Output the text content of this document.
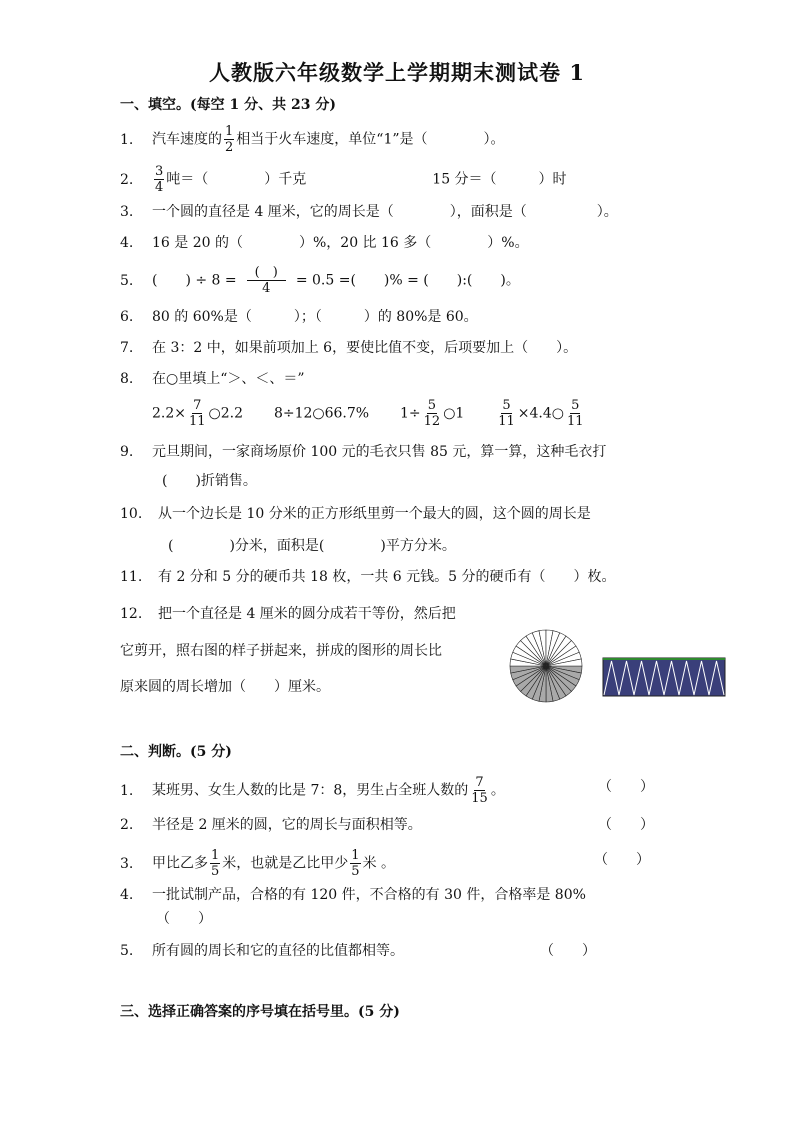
人教版六年级数学上学期期末测试卷 1
一、填空。(每空 1 分、共 23 分)
1. 汽车速度的 $\frac{1}{2}$ 相当于火车速度，单位“1”是（　　　　）。
2. $\frac{3}{4}$ 吨＝（　　　　）千克	15 分＝（　　　）时
3. 一个圆的直径是 4 厘米，它的周长是（　　　　），面积是（　　　　　）。
4. 16 是 20 的（　　　　）%，20 比 16 多（　　　　）%。
5. (　　) ÷ $8 = \frac{( )}{4} = 0.5$ =(　　)% = (　　):(　　)。
6. 80 的 60%是（　　　）；（　　　）的 80%是 60。
7. 在 3：2 中，如果前项加上 6，要使比值不变，后项要加上（　　）。
8. 在○里填上“＞、＜、＝”
$2.2\times \frac{7}{11}$ ○2.2 8÷12○66.7% $1\div \frac{5}{12}$ ○1	$\frac{5}{11}$ ×4.4○ $\frac{5}{11}$
9. 元旦期间，一家商场原价 100 元的毛衣只售 85 元，算一算，这种毛衣打
(　　)折销售。
10. 从一个边长是 10 分米的正方形纸里剪一个最大的圆，这个圆的周长是
(　　　　)分米，面积是(　　　　)平方分米。
11. 有 2 分和 5 分的硬币共 18 枚，一共 6 元钱。5 分的硬币有（　　）枚。
12. 把一个直径是 4 厘米的圆分成若干等份，然后把
它剪开，照右图的样子拼起来，拼成的图形的周长比
原来圆的周长增加（　　）厘米。
二、判断。(5 分)
1. 某班男、女生人数的比是 7：8，男生占全班人数的 $\frac{7}{15}$ 。	（　　）
2. 半径是 2 厘米的圆，它的周长与面积相等。	（　　）
3. 甲比乙多 $\frac{1}{5}$ 米，也就是乙比甲少 $\frac{1}{5}$ 米 。	（　　）
4. 一批试制产品，合格的有 120 件，不合格的有 30 件，合格率是 80%
（　　）
5. 所有圆的周长和它的直径的比值都相等。	（　　）
三、选择正确答案的序号填在括号里。(5 分)
